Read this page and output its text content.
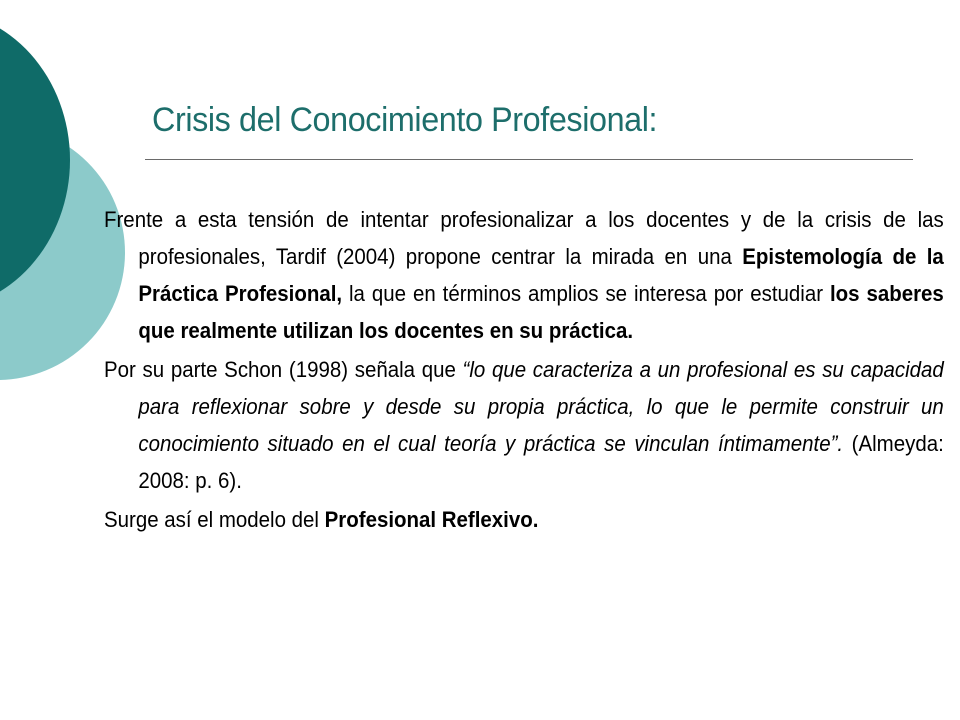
Crisis del Conocimiento Profesional:

Frente a esta tensión de intentar profesionalizar a los docentes y de la crisis de las profesionales, Tardif (2004) propone centrar la mirada en una Epistemología de la Práctica Profesional, la que en términos amplios se interesa por estudiar los saberes que realmente utilizan los docentes en su práctica.

Por su parte Schon (1998) señala que “lo que caracteriza a un profesional es su capacidad para reflexionar sobre y desde su propia práctica, lo que le permite construir un conocimiento situado en el cual teoría y práctica se vinculan íntimamente”. (Almeyda: 2008: p. 6).

Surge así el modelo del Profesional Reflexivo.
